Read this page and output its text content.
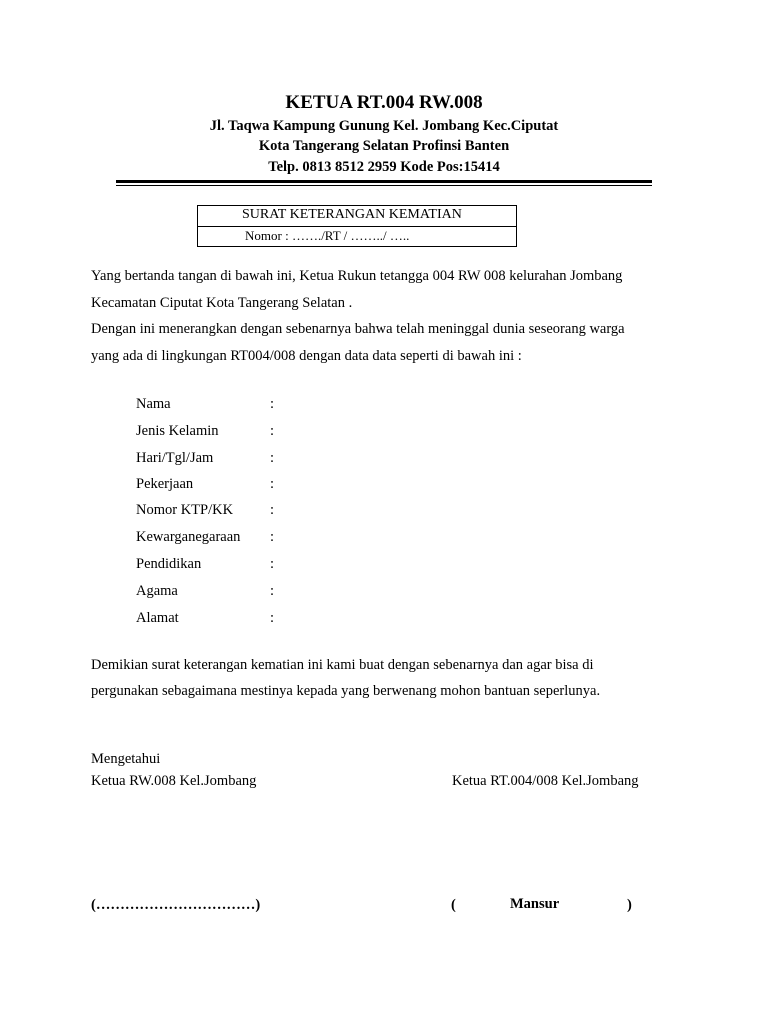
KETUA RT.004 RW.008
Jl. Taqwa Kampung Gunung Kel. Jombang Kec.Ciputat
Kota Tangerang Selatan Profinsi Banten
Telp. 0813 8512 2959 Kode Pos:15414
SURAT KETERANGAN KEMATIAN
Nomor : ……./RT / ……../ …..
Yang bertanda tangan di bawah ini, Ketua Rukun tetangga 004 RW 008 kelurahan Jombang
Kecamatan Ciputat Kota Tangerang Selatan .
Dengan ini menerangkan dengan sebenarnya bahwa telah meninggal dunia seseorang warga
yang ada di lingkungan RT004/008 dengan data data seperti di bawah ini :
Nama	:
Jenis Kelamin	:
Hari/Tgl/Jam	:
Pekerjaan	:
Nomor KTP/KK	:
Kewarganegaraan :
Pendidikan	:
Agama	:
Alamat	:
Demikian surat keterangan kematian ini kami buat dengan sebenarnya dan agar bisa di
pergunakan sebagaimana mestinya kepada yang berwenang mohon bantuan seperlunya.
Mengetahui
Ketua RW.008 Kel.Jombang	Ketua RT.004/008 Kel.Jombang
(……………………………)	(	Mansur	)
